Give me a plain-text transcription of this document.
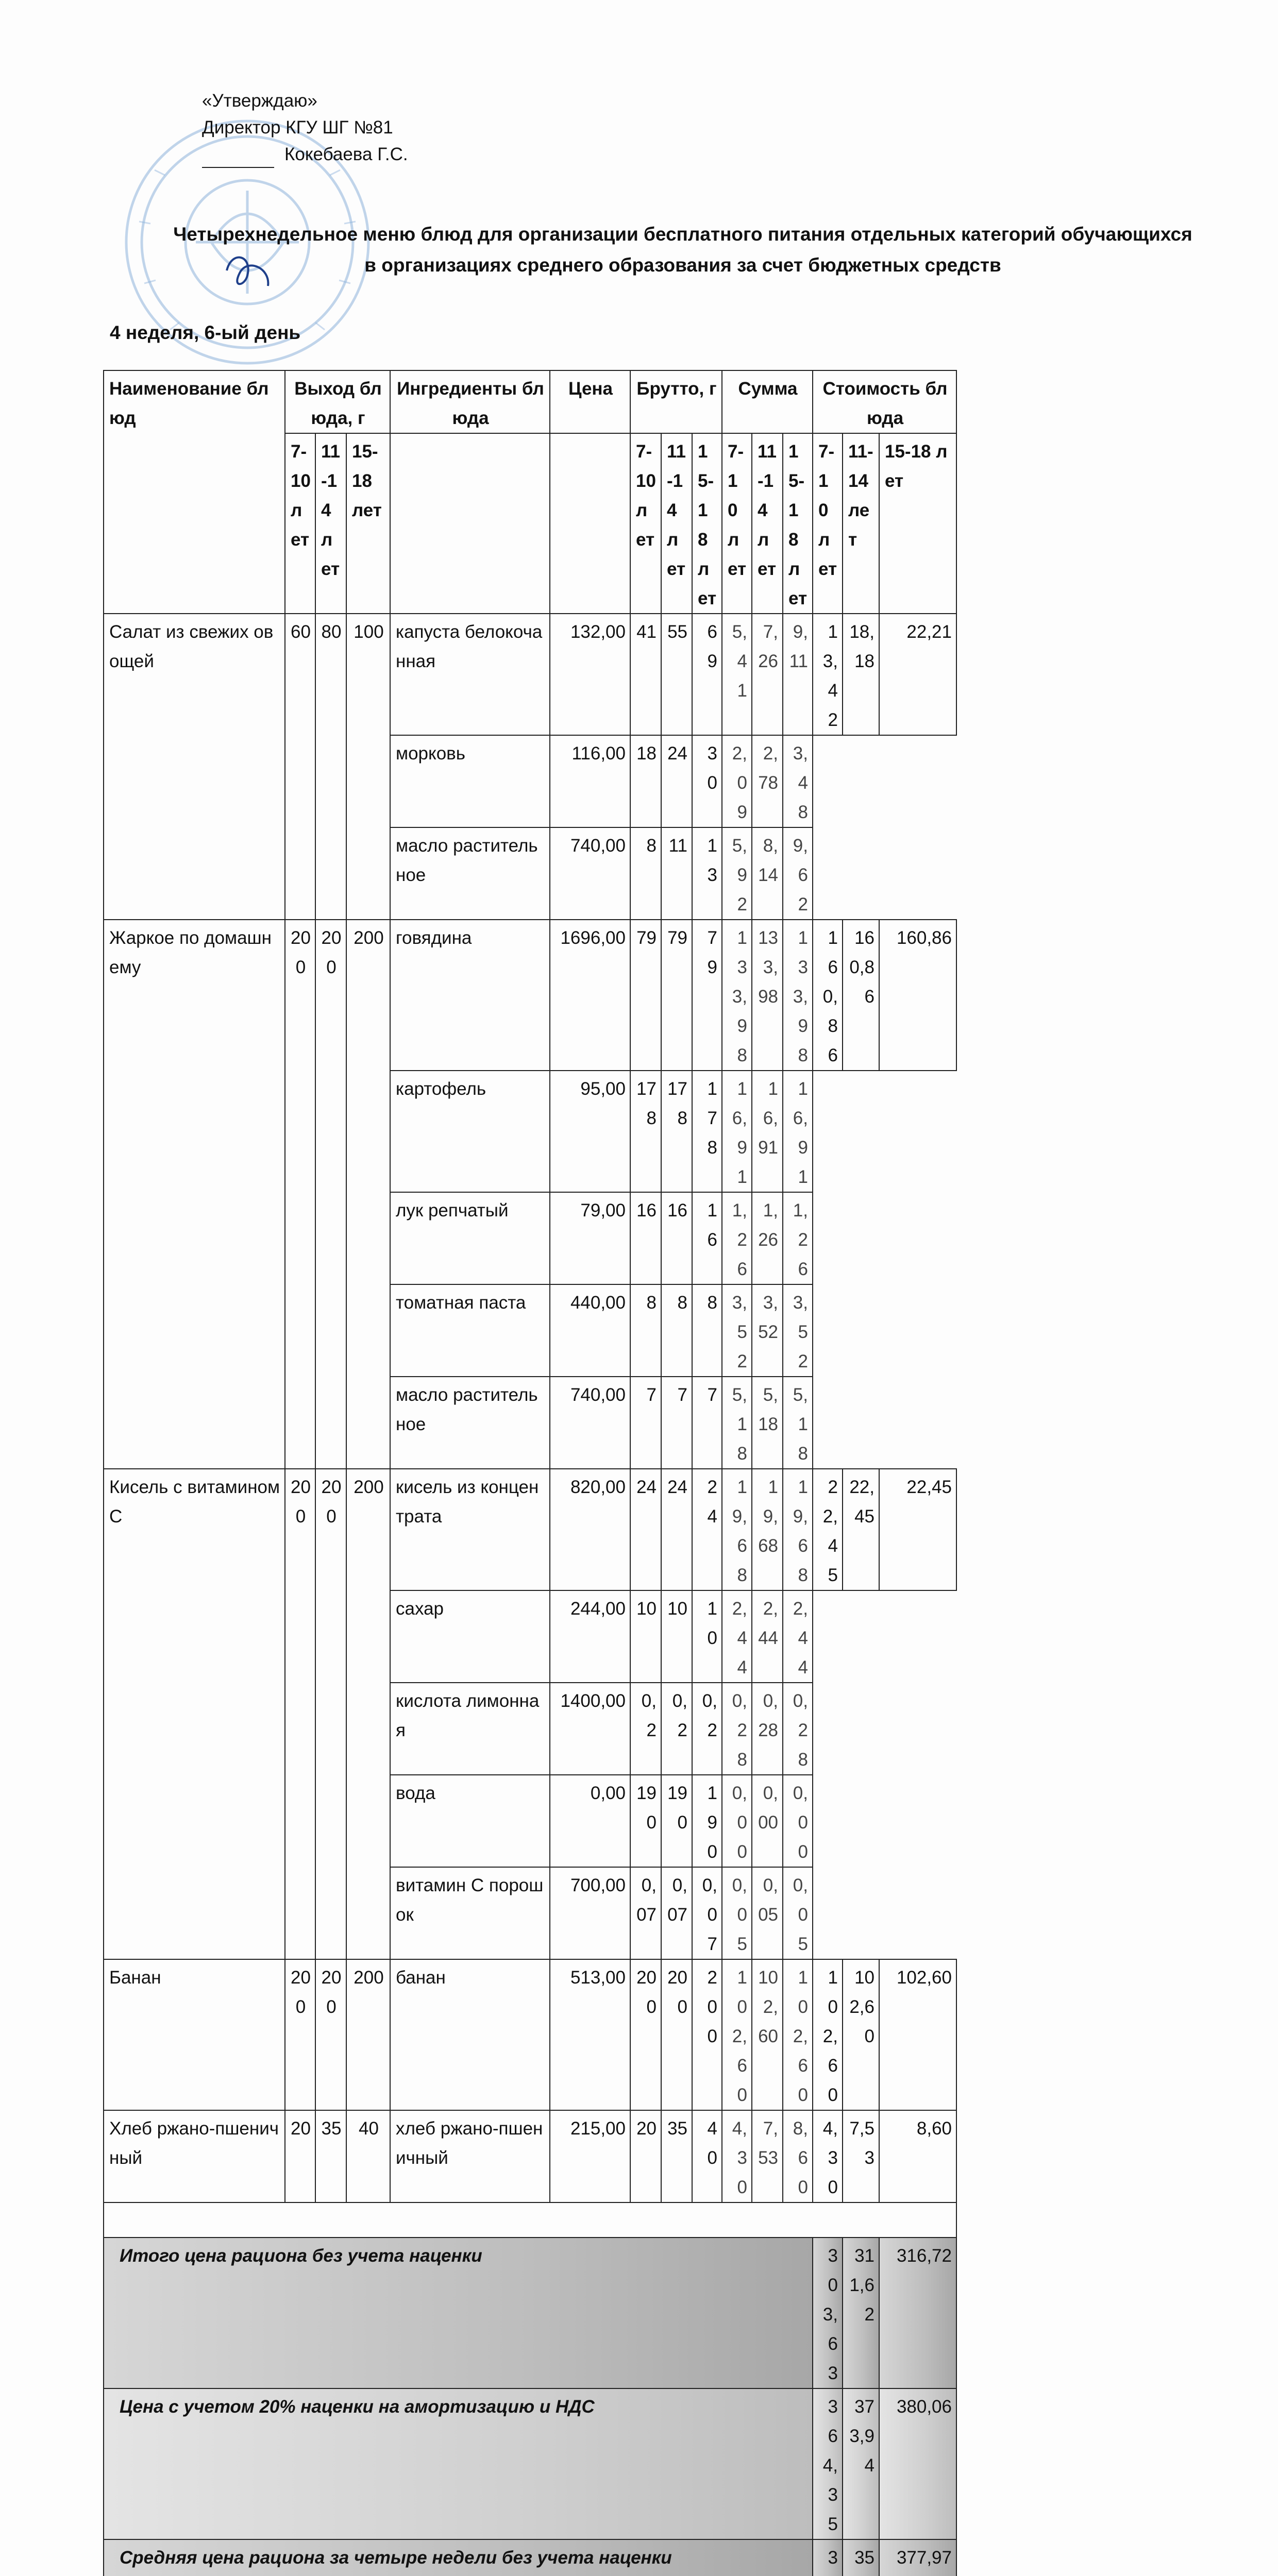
«Утверждаю»
Директор КГУ ШГ №81
Кокебаева Г.С.
Четырехнедельное меню блюд для организации бесплатного питания отдельных категорий обучающихся в организациях среднего образования за счет бюджетных средств
4 неделя, 6-ый день
Наименование блюд	Выход блюда, г			Ингредиенты блюда	Цена	Брутто, г			Сумма			Стоимость блюда		
	7-10 лет	11-14 лет	15-18 лет			7-10 лет	11-14 лет	15-18 лет	7-10 лет	11-14 лет	15-18 лет	7-10 лет	11-14 лет	15-18 лет
Салат из свежих овощей	60	80	100	капуста белокочанная	132,00	41	55	69	5,41	7,26	9,11	13,42	18,18	22,21
				морковь	116,00	18	24	30	2,09	2,78	3,48			
				масло растительное	740,00	8	11	13	5,92	8,14	9,62			
Жаркое по домашнему	200	200	200	говядина	1696,00	79	79	79	133,98	133,98	133,98	160,86	160,86	160,86
				картофель	95,00	178	178	178	16,91	16,91	16,91			
				лук репчатый	79,00	16	16	16	1,26	1,26	1,26			
				томатная паста	440,00	8	8	8	3,52	3,52	3,52			
				масло растительное	740,00	7	7	7	5,18	5,18	5,18			
Кисель с витамином С	200	200	200	кисель из концентрата	820,00	24	24	24	19,68	19,68	19,68	22,45	22,45	22,45
				сахар	244,00	10	10	10	2,44	2,44	2,44			
				кислота лимонная	1400,00	0,2	0,2	0,2	0,28	0,28	0,28			
				вода	0,00	190	190	190	0,00	0,00	0,00			
				витамин С порошок	700,00	0,07	0,07	0,07	0,05	0,05	0,05			
Банан	200	200	200	банан	513,00	200	200	200	102,60	102,60	102,60	102,60	102,60	102,60
Хлеб ржано-пшеничный	20	35	40	хлеб ржано-пшеничный	215,00	20	35	40	4,30	7,53	8,60	4,30	7,53	8,60

Итого цена рациона без учета наценки												303,63	311,62	316,72
Цена с учетом 20% наценки на амортизацию и НДС												364,35	373,94	380,06
Средняя цена рациона за четыре недели без учета наценки												3	35	377,97
